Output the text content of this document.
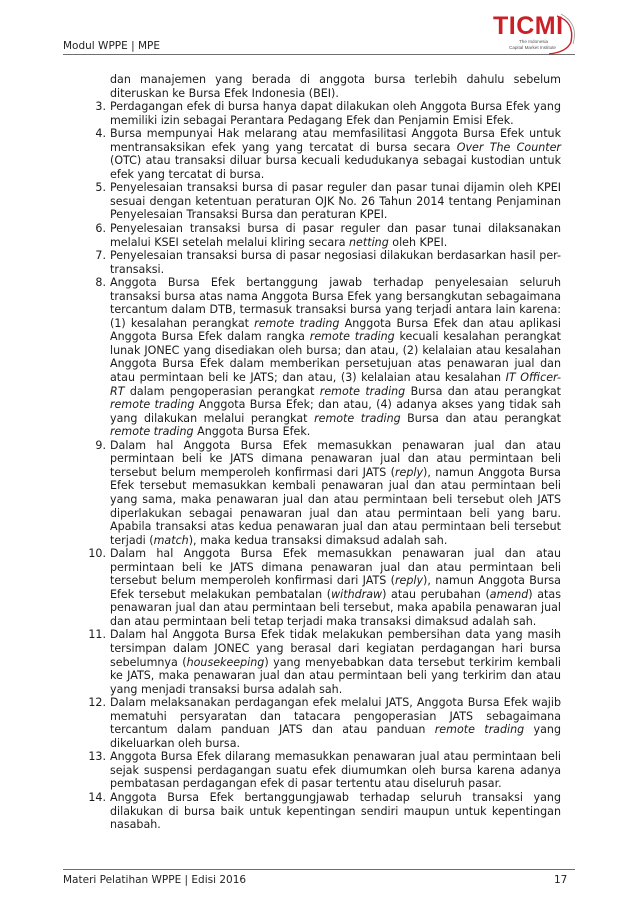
Modul WPPE | MPE
TICMI
The Indonesia
Capital Market Institute

dan manajemen yang berada di anggota bursa terlebih dahulu sebelum diteruskan ke Bursa Efek Indonesia (BEI).

3. Perdagangan efek di bursa hanya dapat dilakukan oleh Anggota Bursa Efek yang memiliki izin sebagai Perantara Pedagang Efek dan Penjamin Emisi Efek.

4. Bursa mempunyai Hak melarang atau memfasilitasi Anggota Bursa Efek untuk mentransaksikan efek yang yang tercatat di bursa secara Over The Counter (OTC) atau transaksi diluar bursa kecuali kedudukanya sebagai kustodian untuk efek yang tercatat di bursa.

5. Penyelesaian transaksi bursa di pasar reguler dan pasar tunai dijamin oleh KPEI sesuai dengan ketentuan peraturan OJK No. 26 Tahun 2014 tentang Penjaminan Penyelesaian Transaksi Bursa dan peraturan KPEI.

6. Penyelesaian transaksi bursa di pasar reguler dan pasar tunai dilaksanakan melalui KSEI setelah melalui kliring secara netting oleh KPEI.

7. Penyelesaian transaksi bursa di pasar negosiasi dilakukan berdasarkan hasil per-transaksi.

8. Anggota Bursa Efek bertanggung jawab terhadap penyelesaian seluruh transaksi bursa atas nama Anggota Bursa Efek yang bersangkutan sebagaimana tercantum dalam DTB, termasuk transaksi bursa yang terjadi antara lain karena: (1) kesalahan perangkat remote trading Anggota Bursa Efek dan atau aplikasi Anggota Bursa Efek dalam rangka remote trading kecuali kesalahan perangkat lunak JONEC yang disediakan oleh bursa; dan atau, (2) kelalaian atau kesalahan Anggota Bursa Efek dalam memberikan persetujuan atas penawaran jual dan atau permintaan beli ke JATS; dan atau, (3) kelalaian atau kesalahan IT Officer-RT dalam pengoperasian perangkat remote trading Bursa dan atau perangkat remote trading Anggota Bursa Efek; dan atau, (4) adanya akses yang tidak sah yang dilakukan melalui perangkat remote trading Bursa dan atau perangkat remote trading Anggota Bursa Efek.

9. Dalam hal Anggota Bursa Efek memasukkan penawaran jual dan atau permintaan beli ke JATS dimana penawaran jual dan atau permintaan beli tersebut belum memperoleh konfirmasi dari JATS (reply), namun Anggota Bursa Efek tersebut memasukkan kembali penawaran jual dan atau permintaan beli yang sama, maka penawaran jual dan atau permintaan beli tersebut oleh JATS diperlakukan sebagai penawaran jual dan atau permintaan beli yang baru. Apabila transaksi atas kedua penawaran jual dan atau permintaan beli tersebut terjadi (match), maka kedua transaksi dimaksud adalah sah.

10. Dalam hal Anggota Bursa Efek memasukkan penawaran jual dan atau permintaan beli ke JATS dimana penawaran jual dan atau permintaan beli tersebut belum memperoleh konfirmasi dari JATS (reply), namun Anggota Bursa Efek tersebut melakukan pembatalan (withdraw) atau perubahan (amend) atas penawaran jual dan atau permintaan beli tersebut, maka apabila penawaran jual dan atau permintaan beli tetap terjadi maka transaksi dimaksud adalah sah.

11. Dalam hal Anggota Bursa Efek tidak melakukan pembersihan data yang masih tersimpan dalam JONEC yang berasal dari kegiatan perdagangan hari bursa sebelumnya (housekeeping) yang menyebabkan data tersebut terkirim kembali ke JATS, maka penawaran jual dan atau permintaan beli yang terkirim dan atau yang menjadi transaksi bursa adalah sah.

12. Dalam melaksanakan perdagangan efek melalui JATS, Anggota Bursa Efek wajib mematuhi persyaratan dan tatacara pengoperasian JATS sebagaimana tercantum dalam panduan JATS dan atau panduan remote trading yang dikeluarkan oleh bursa.

13. Anggota Bursa Efek dilarang memasukkan penawaran jual atau permintaan beli sejak suspensi perdagangan suatu efek diumumkan oleh bursa karena adanya pembatasan perdagangan efek di pasar tertentu atau diseluruh pasar.

14. Anggota Bursa Efek bertanggungjawab terhadap seluruh transaksi yang dilakukan di bursa baik untuk kepentingan sendiri maupun untuk kepentingan nasabah.

Materi Pelatihan WPPE | Edisi 2016	17
